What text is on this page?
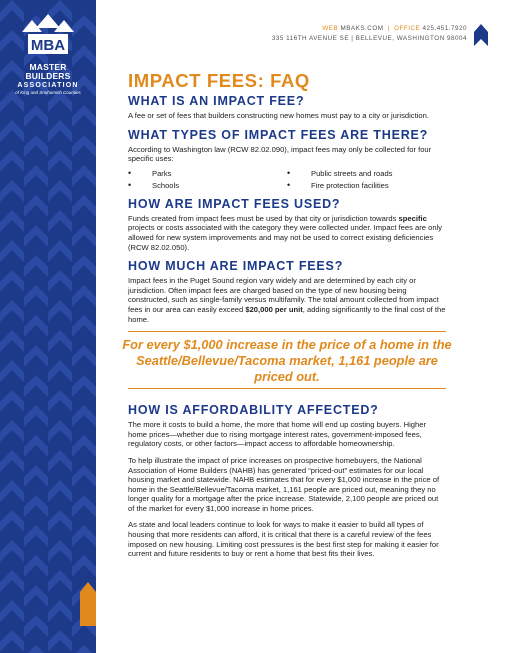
MBA
MASTER BUILDERS
ASSOCIATION
of King and Snohomish Counties
WEB MBAKS.COM | OFFICE 425.451.7920
335 116TH AVENUE SE | BELLEVUE, WASHINGTON 98004
IMPACT FEES: FAQ
WHAT IS AN IMPACT FEE?

A fee or set of fees that builders constructing new homes must pay to a city or jurisdiction.

WHAT TYPES OF IMPACT FEES ARE THERE?

According to Washington law (RCW 82.02.090), impact fees may only be collected for four specific uses:

•	Parks	•	Public streets and roads
•	Schools	•	Fire protection facilities
HOW ARE IMPACT FEES USED?

Funds created from impact fees must be used by that city or jurisdiction towards specific projects or costs associated with the category they were collected under. Impact fees are only allowed for new system improvements and may not be used to correct existing deficiencies (RCW 82.02.050).

HOW MUCH ARE IMPACT FEES?

Impact fees in the Puget Sound region vary widely and are determined by each city or jurisdiction. Often impact fees are charged based on the type of new housing being constructed, such as single-family versus multifamily. The total amount collected from impact fees in our area can easily exceed $20,000 per unit, adding significantly to the final cost of the home.

For every $1,000 increase in the price of a home in the Seattle/Bellevue/Tacoma market, 1,161 people are priced out.
HOW IS AFFORDABILITY AFFECTED?

The more it costs to build a home, the more that home will end up costing buyers. Higher home prices—whether due to rising mortgage interest rates, government-imposed fees, regulatory costs, or other factors—impact access to affordable homeownership.

To help illustrate the impact of price increases on prospective homebuyers, the National Association of Home Builders (NAHB) has generated “priced-out” estimates for our local housing market and statewide. NAHB estimates that for every $1,000 increase in the price of home in the Seattle/Bellevue/Tacoma market, 1,161 people are priced out, meaning they no longer quality for a mortgage after the price increase. Statewide, 2,100 people are priced out of the market for every $1,000 increase in home prices.

As state and local leaders continue to look for ways to make it easier to build all types of housing that more residents can afford, it is critical that there is a careful review of the fees imposed on new housing. Limiting cost pressures is the best first step for making it easier for current and future residents to buy or rent a home that best fits their lives.
